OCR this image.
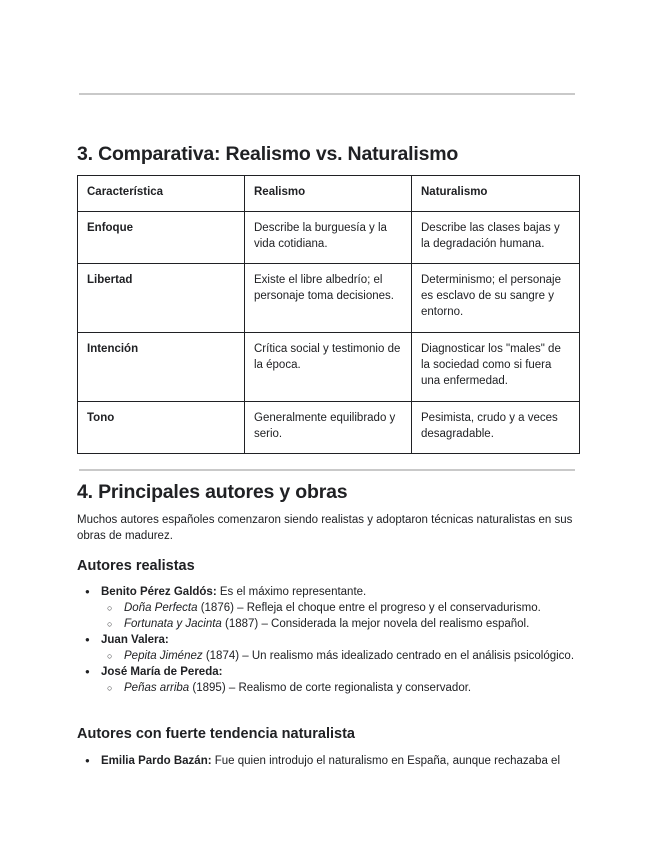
3. Comparativa: Realismo vs. Naturalismo
Característica	Realismo	Naturalismo
Enfoque	Describe la burguesía y la vida cotidiana.	Describe las clases bajas y la degradación humana.
Libertad	Existe el libre albedrío; el personaje toma decisiones.	Determinismo; el personaje es esclavo de su sangre y entorno.
Intención	Crítica social y testimonio de la época.	Diagnosticar los "males" de la sociedad como si fuera una enfermedad.
Tono	Generalmente equilibrado y serio.	Pesimista, crudo y a veces desagradable.
4. Principales autores y obras

Muchos autores españoles comenzaron siendo realistas y adoptaron técnicas naturalistas en sus obras de madurez.

Autores realistas
● Benito Pérez Galdós: Es el máximo representante.
○ Doña Perfecta (1876) – Refleja el choque entre el progreso y el conservadurismo.
○ Fortunata y Jacinta (1887) – Considerada la mejor novela del realismo español.
● Juan Valera:
○ Pepita Jiménez (1874) – Un realismo más idealizado centrado en el análisis psicológico.
● José María de Pereda:
○ Peñas arriba (1895) – Realismo de corte regionalista y conservador.
Autores con fuerte tendencia naturalista
● Emilia Pardo Bazán: Fue quien introdujo el naturalismo en España, aunque rechazaba el
